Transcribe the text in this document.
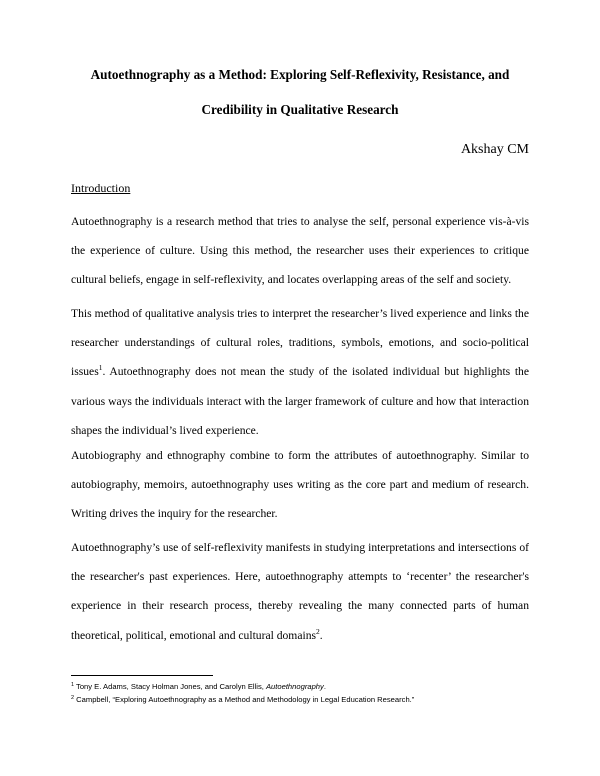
Autoethnography as a Method: Exploring Self-Reflexivity, Resistance, and
Credibility in Qualitative Research
Akshay CM
Introduction

Autoethnography is a research method that tries to analyse the self, personal experience vis-à-vis the experience of culture. Using this method, the researcher uses their experiences to critique cultural beliefs, engage in self-reflexivity, and locates overlapping areas of the self and society.

This method of qualitative analysis tries to interpret the researcher’s lived experience and links the researcher understandings of cultural roles, traditions, symbols, emotions, and socio-political issues$^1$. Autoethnography does not mean the study of the isolated individual but highlights the various ways the individuals interact with the larger framework of culture and how that interaction shapes the individual’s lived experience.

Autobiography and ethnography combine to form the attributes of autoethnography. Similar to autobiography, memoirs, autoethnography uses writing as the core part and medium of research. Writing drives the inquiry for the researcher.

Autoethnography’s use of self-reflexivity manifests in studying interpretations and intersections of the researcher's past experiences. Here, autoethnography attempts to ‘recenter’ the researcher's experience in their research process, thereby revealing the many connected parts of human theoretical, political, emotional and cultural domains$^2$.

$^1$ Tony E. Adams, Stacy Holman Jones, and Carolyn Ellis, Autoethnography.

$^2$ Campbell, “Exploring Autoethnography as a Method and Methodology in Legal Education Research.”
